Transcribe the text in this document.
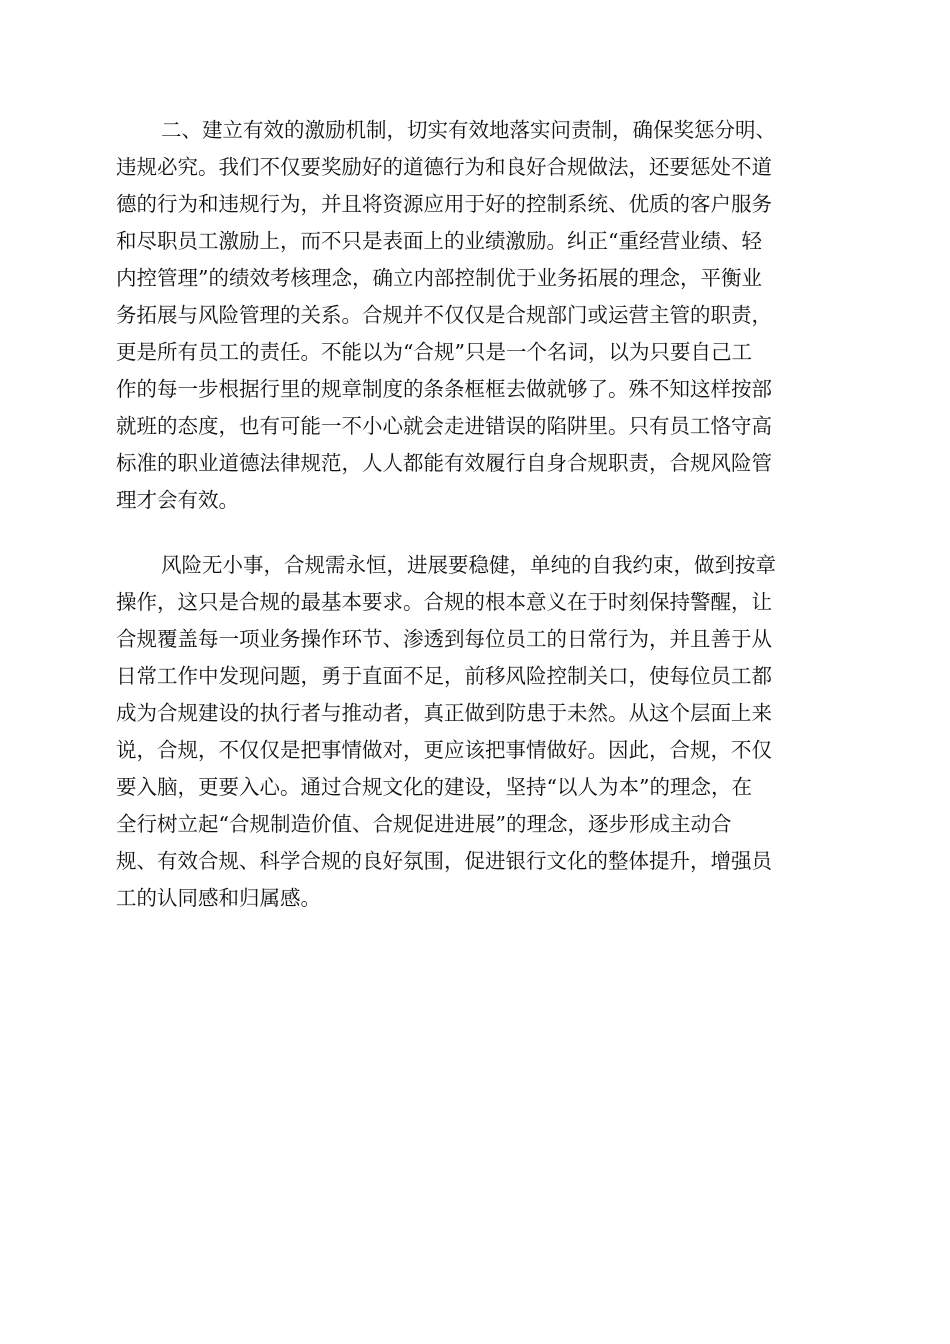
二、建立有效的激励机制，切实有效地落实问责制，确保奖惩分明、
违规必究。我们不仅要奖励好的道德行为和良好合规做法，还要惩处不道
德的行为和违规行为，并且将资源应用于好的控制系统、优质的客户服务
和尽职员工激励上，而不只是表面上的业绩激励。纠正“重经营业绩、轻
内控管理”的绩效考核理念，确立内部控制优于业务拓展的理念，平衡业
务拓展与风险管理的关系。合规并不仅仅是合规部门或运营主管的职责，
更是所有员工的责任。不能以为“合规”只是一个名词，以为只要自己工
作的每一步根据行里的规章制度的条条框框去做就够了。殊不知这样按部
就班的态度，也有可能一不小心就会走进错误的陷阱里。只有员工恪守高
标准的职业道德法律规范，人人都能有效履行自身合规职责，合规风险管
理才会有效。
风险无小事，合规需永恒，进展要稳健，单纯的自我约束，做到按章
操作，这只是合规的最基本要求。合规的根本意义在于时刻保持警醒，让
合规覆盖每一项业务操作环节、渗透到每位员工的日常行为，并且善于从
日常工作中发现问题，勇于直面不足，前移风险控制关口，使每位员工都
成为合规建设的执行者与推动者，真正做到防患于未然。从这个层面上来
说，合规，不仅仅是把事情做对，更应该把事情做好。因此，合规，不仅
要入脑，更要入心。通过合规文化的建设，坚持“以人为本”的理念，在
全行树立起“合规制造价值、合规促进进展”的理念，逐步形成主动合
规、有效合规、科学合规的良好氛围，促进银行文化的整体提升，增强员
工的认同感和归属感。
